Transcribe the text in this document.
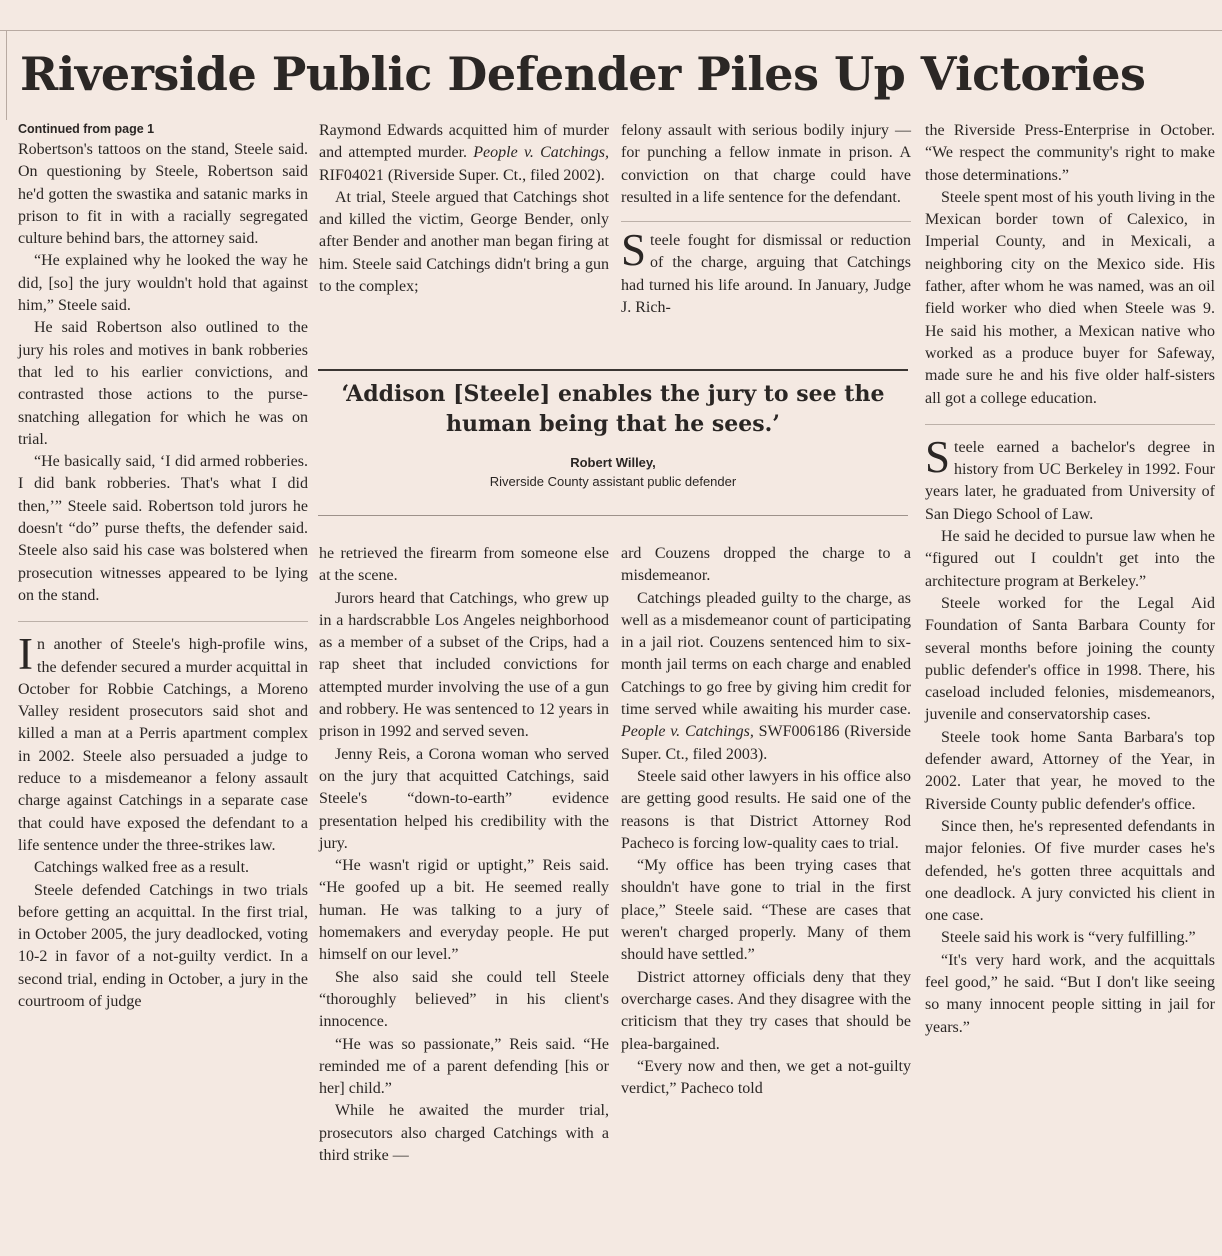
Riverside Public Defender Piles Up Victories
Continued from page 1

Robertson's tattoos on the stand, Steele said. On questioning by Steele, Robertson said he'd gotten the swastika and satanic marks in prison to fit in with a racially segregated culture behind bars, the attorney said.

“He explained why he looked the way he did, [so] the jury wouldn't hold that against him,” Steele said.

He said Robertson also outlined to the jury his roles and motives in bank robberies that led to his earlier convictions, and contrasted those actions to the purse-snatching allegation for which he was on trial.

“He basically said, ‘I did armed robberies. I did bank robberies. That's what I did then,’” Steele said. Robertson told jurors he doesn't “do” purse thefts, the defender said. Steele also said his case was bolstered when prosecution witnesses appeared to be lying on the stand.

In another of Steele's high-profile wins, the defender secured a murder acquittal in October for Robbie Catchings, a Moreno Valley resident prosecutors said shot and killed a man at a Perris apartment complex in 2002. Steele also persuaded a judge to reduce to a misdemeanor a felony assault charge against Catchings in a separate case that could have exposed the defendant to a life sentence under the three-strikes law.

Catchings walked free as a result.

Steele defended Catchings in two trials before getting an acquittal. In the first trial, in October 2005, the jury deadlocked, voting 10-2 in favor of a not-guilty verdict. In a second trial, ending in October, a jury in the courtroom of judge

Raymond Edwards acquitted him of murder and attempted murder. People v. Catchings, RIF04021 (Riverside Super. Ct., filed 2002).

At trial, Steele argued that Catchings shot and killed the victim, George Bender, only after Bender and another man began firing at him. Steele said Catchings didn't bring a gun to the complex;

felony assault with serious bodily injury — for punching a fellow inmate in prison. A conviction on that charge could have resulted in a life sentence for the defendant.

Steele fought for dismissal or reduction of the charge, arguing that Catchings had turned his life around. In January, Judge J. Rich-

‘Addison [Steele] enables the jury to see the human being that he sees.’

Robert Willey,

Riverside County assistant public defender

he retrieved the firearm from someone else at the scene.

Jurors heard that Catchings, who grew up in a hardscrabble Los Angeles neighborhood as a member of a subset of the Crips, had a rap sheet that included convictions for attempted murder involving the use of a gun and robbery. He was sentenced to 12 years in prison in 1992 and served seven.

Jenny Reis, a Corona woman who served on the jury that acquitted Catchings, said Steele's “down-to-earth” evidence presentation helped his credibility with the jury.

“He wasn't rigid or uptight,” Reis said. “He goofed up a bit. He seemed really human. He was talking to a jury of homemakers and everyday people. He put himself on our level.”

She also said she could tell Steele “thoroughly believed” in his client's innocence.

“He was so passionate,” Reis said. “He reminded me of a parent defending [his or her] child.”

While he awaited the murder trial, prosecutors also charged Catchings with a third strike —

ard Couzens dropped the charge to a misdemeanor.

Catchings pleaded guilty to the charge, as well as a misdemeanor count of participating in a jail riot. Couzens sentenced him to six-month jail terms on each charge and enabled Catchings to go free by giving him credit for time served while awaiting his murder case. People v. Catchings, SWF006186 (Riverside Super. Ct., filed 2003).

Steele said other lawyers in his office also are getting good results. He said one of the reasons is that District Attorney Rod Pacheco is forcing low-quality caes to trial.

“My office has been trying cases that shouldn't have gone to trial in the first place,” Steele said. “These are cases that weren't charged properly. Many of them should have settled.”

District attorney officials deny that they overcharge cases. And they disagree with the criticism that they try cases that should be plea-bargained.

“Every now and then, we get a not-guilty verdict,” Pacheco told

the Riverside Press-Enterprise in October. “We respect the community's right to make those determinations.”

Steele spent most of his youth living in the Mexican border town of Calexico, in Imperial County, and in Mexicali, a neighboring city on the Mexico side. His father, after whom he was named, was an oil field worker who died when Steele was 9. He said his mother, a Mexican native who worked as a produce buyer for Safeway, made sure he and his five older half-sisters all got a college education.

Steele earned a bachelor's degree in history from UC Berkeley in 1992. Four years later, he graduated from University of San Diego School of Law.

He said he decided to pursue law when he “figured out I couldn't get into the architecture program at Berkeley.”

Steele worked for the Legal Aid Foundation of Santa Barbara County for several months before joining the county public defender's office in 1998. There, his caseload included felonies, misdemeanors, juvenile and conservatorship cases.

Steele took home Santa Barbara's top defender award, Attorney of the Year, in 2002. Later that year, he moved to the Riverside County public defender's office.

Since then, he's represented defendants in major felonies. Of five murder cases he's defended, he's gotten three acquittals and one deadlock. A jury convicted his client in one case.

Steele said his work is “very fulfilling.”

“It's very hard work, and the acquittals feel good,” he said. “But I don't like seeing so many innocent people sitting in jail for years.”
